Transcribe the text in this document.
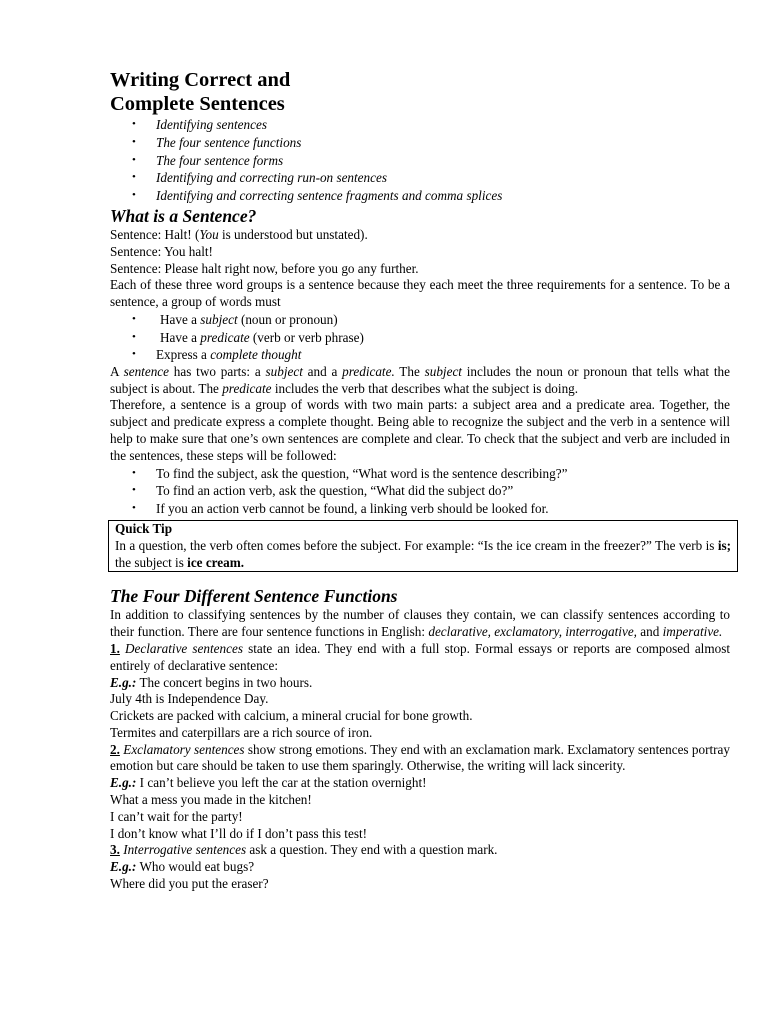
Writing Correct and
Complete Sentences
• Identifying sentences
• The four sentence functions
• The four sentence forms
• Identifying and correcting run-on sentences
• Identifying and correcting sentence fragments and comma splices
What is a Sentence?

Sentence: Halt! (You is understood but unstated).

Sentence: You halt!

Sentence: Please halt right now, before you go any further.

Each of these three word groups is a sentence because they each meet the three requirements for a sentence. To be a sentence, a group of words must

• Have a subject (noun or pronoun)
• Have a predicate (verb or verb phrase)
• Express a complete thought

A sentence has two parts: a subject and a predicate. The subject includes the noun or pronoun that tells what the subject is about. The predicate includes the verb that describes what the subject is doing.

Therefore, a sentence is a group of words with two main parts: a subject area and a predicate area. Together, the subject and predicate express a complete thought. Being able to recognize the subject and the verb in a sentence will help to make sure that one’s own sentences are complete and clear. To check that the subject and verb are included in the sentences, these steps will be followed:

• To find the subject, ask the question, “What word is the sentence describing?”
• To find an action verb, ask the question, “What did the subject do?”
• If you an action verb cannot be found, a linking verb should be looked for.
Quick Tip

In a question, the verb often comes before the subject. For example: “Is the ice cream in the freezer?” The verb is is; the subject is ice cream.

The Four Different Sentence Functions

In addition to classifying sentences by the number of clauses they contain, we can classify sentences according to their function. There are four sentence functions in English: declarative, exclamatory, interrogative, and imperative.

1. Declarative sentences state an idea. They end with a full stop. Formal essays or reports are composed almost entirely of declarative sentence:

E.g.: The concert begins in two hours.

July 4th is Independence Day.

Crickets are packed with calcium, a mineral crucial for bone growth.

Termites and caterpillars are a rich source of iron.

2. Exclamatory sentences show strong emotions. They end with an exclamation mark. Exclamatory sentences portray emotion but care should be taken to use them sparingly. Otherwise, the writing will lack sincerity.

E.g.: I can’t believe you left the car at the station overnight!

What a mess you made in the kitchen!

I can’t wait for the party!

I don’t know what I’ll do if I don’t pass this test!

3. Interrogative sentences ask a question. They end with a question mark.

E.g.: Who would eat bugs?

Where did you put the eraser?
